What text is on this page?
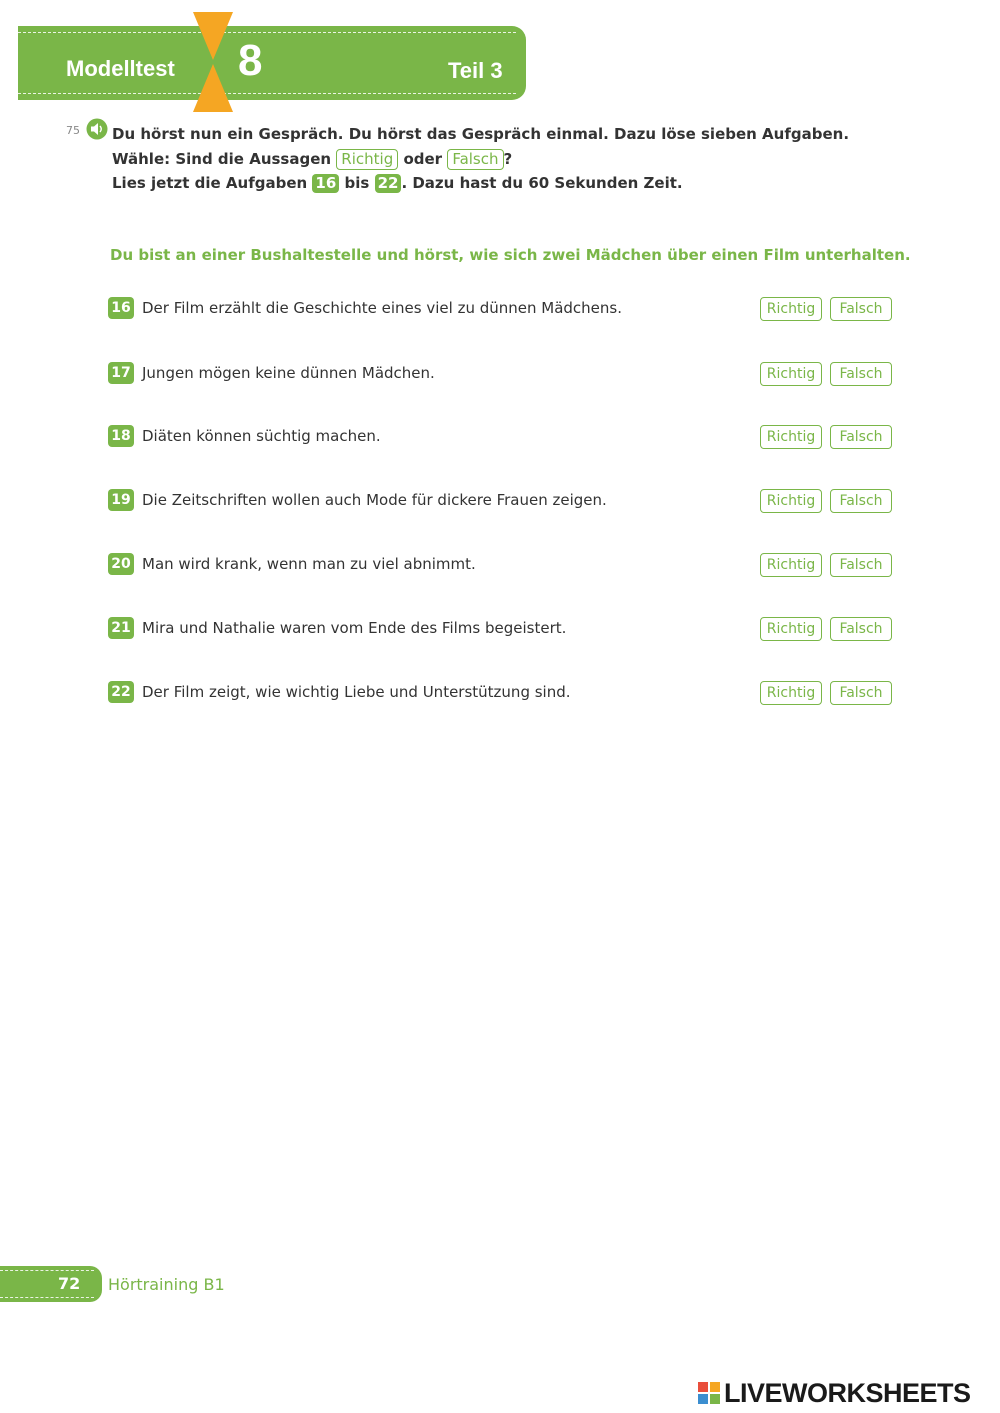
Modelltest 8	Teil 3
75 Du hörst nun ein Gespräch. Du hörst das Gespräch einmal. Dazu löse sieben Aufgaben.
Wähle: Sind die Aussagen Richtig oder Falsch ?
Lies jetzt die Aufgaben 16 bis 22 . Dazu hast du 60 Sekunden Zeit.
Du bist an einer Bushaltestelle und hörst, wie sich zwei Mädchen über einen Film unterhalten.
16 Der Film erzählt die Geschichte eines viel zu dünnen Mädchens.	Richtig	Falsch
17 Jungen mögen keine dünnen Mädchen.	Richtig	Falsch
18 Diäten können süchtig machen.	Richtig	Falsch
19 Die Zeitschriften wollen auch Mode für dickere Frauen zeigen.	Richtig	Falsch
20 Man wird krank, wenn man zu viel abnimmt.	Richtig	Falsch
21 Mira und Nathalie waren vom Ende des Films begeistert.	Richtig	Falsch
22 Der Film zeigt, wie wichtig Liebe und Unterstützung sind.	Richtig	Falsch
72 Hörtraining B1
LIVEWORKSHEETS
